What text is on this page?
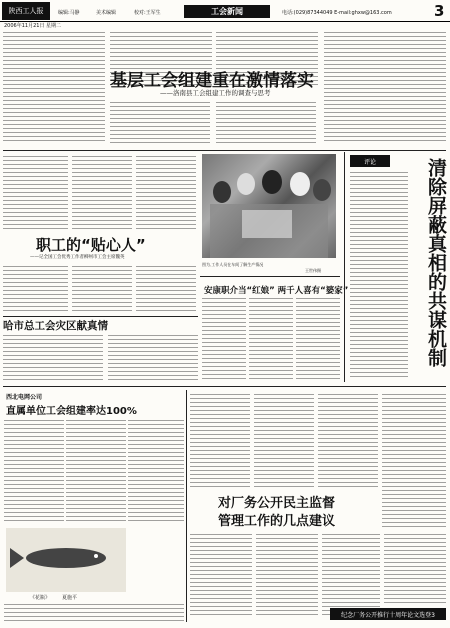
陕西工人报
2006年11月21日 星期二
编辑:马静	美术编辑	校对:王军生	工会新闻	电话:(029)87344049 E-mail:ghxw@163.com	3
基层工会组建重在激情落实
——洛南县工会组建工作的调查与思考
职工的“贴心人”
——记全国工会优秀工作者柳州市工会主席魏英
哈市总工会灾区献真情
图为,工作人员在车间了解生产情况
王世伟摄
安康职介当“红娘” 两千人喜有“婆家”
评论	清除屏蔽真相的共谋机制
西北电网公司
直属单位工会组建率达100%
《花瓶》 夏施平
对厂务公开民主监督
管理工作的几点建议
纪念厂务公开推行十周年论文选登3
